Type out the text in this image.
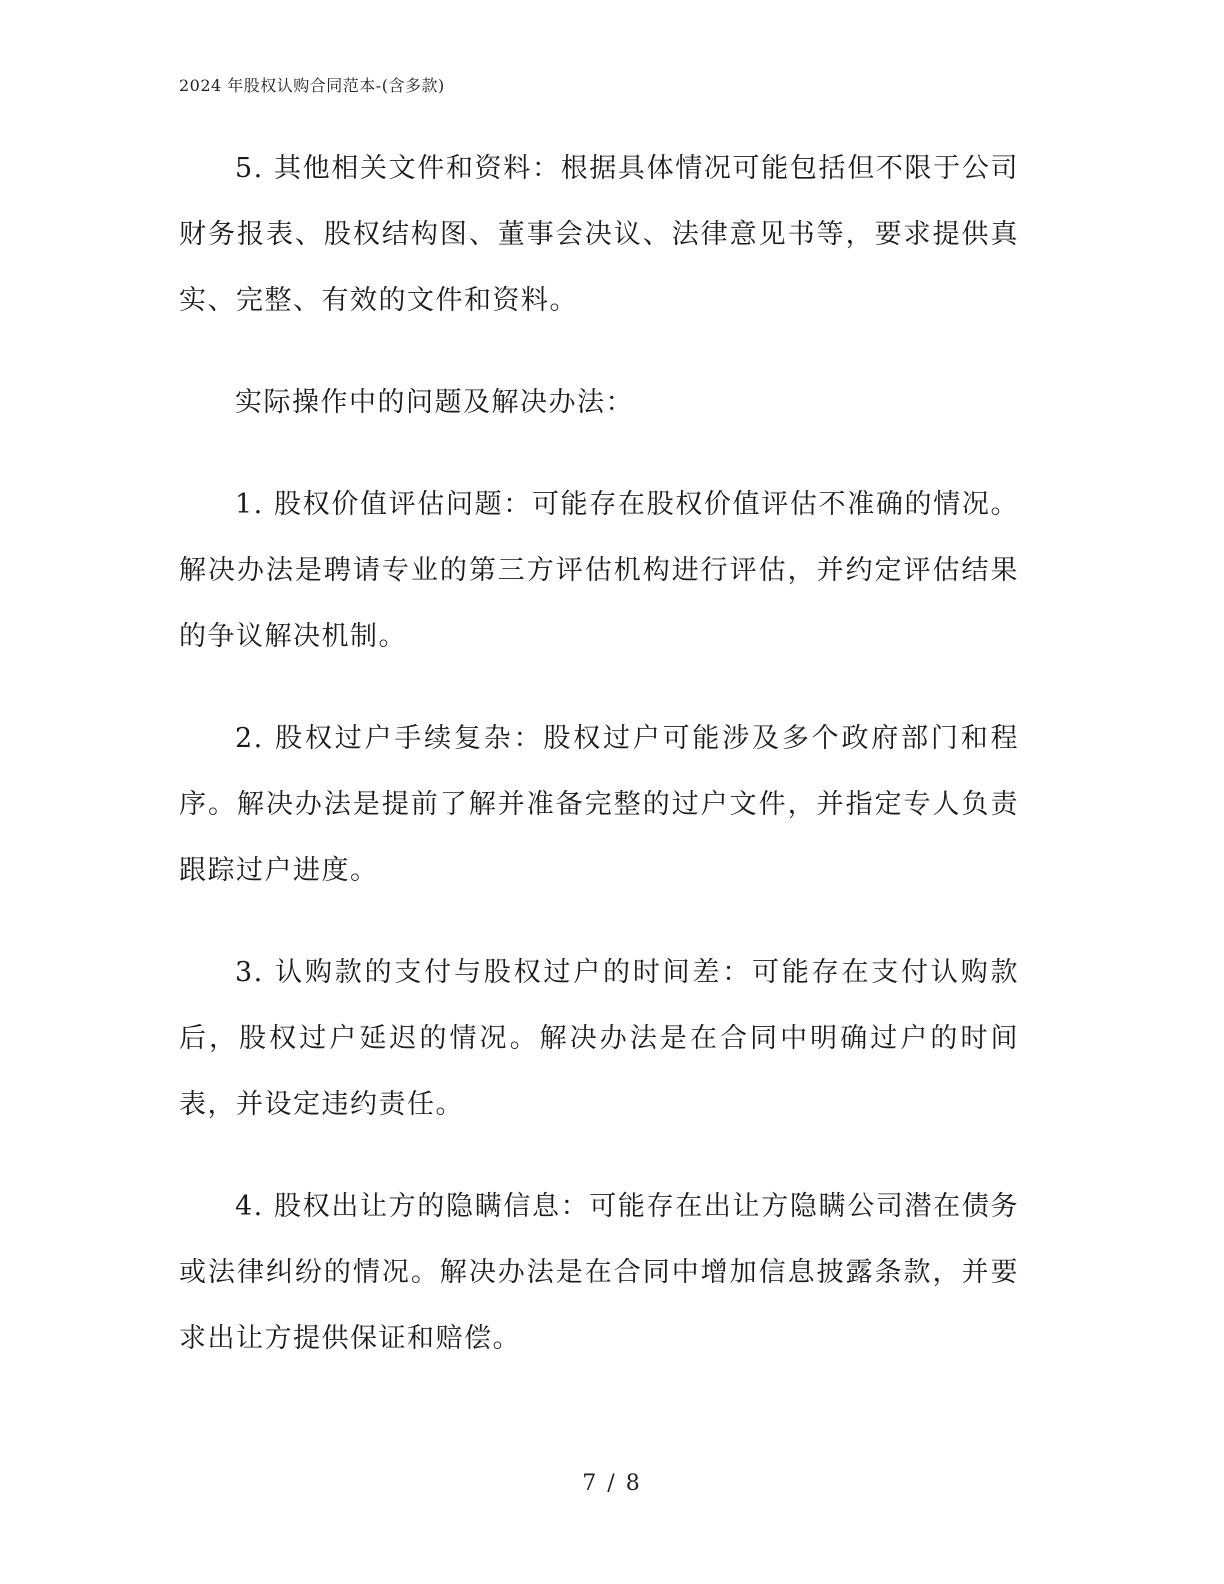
2024 年股权认购合同范本-(含多款)

5. 其他相关文件和资料：根据具体情况可能包括但不限于公司财务报表、股权结构图、董事会决议、法律意见书等，要求提供真实、完整、有效的文件和资料。

实际操作中的问题及解决办法：

1. 股权价值评估问题：可能存在股权价值评估不准确的情况。解决办法是聘请专业的第三方评估机构进行评估，并约定评估结果的争议解决机制。

2. 股权过户手续复杂：股权过户可能涉及多个政府部门和程序。解决办法是提前了解并准备完整的过户文件，并指定专人负责跟踪过户进度。

3. 认购款的支付与股权过户的时间差：可能存在支付认购款后，股权过户延迟的情况。解决办法是在合同中明确过户的时间表，并设定违约责任。

4. 股权出让方的隐瞒信息：可能存在出让方隐瞒公司潜在债务或法律纠纷的情况。解决办法是在合同中增加信息披露条款，并要求出让方提供保证和赔偿。

7 / 8
